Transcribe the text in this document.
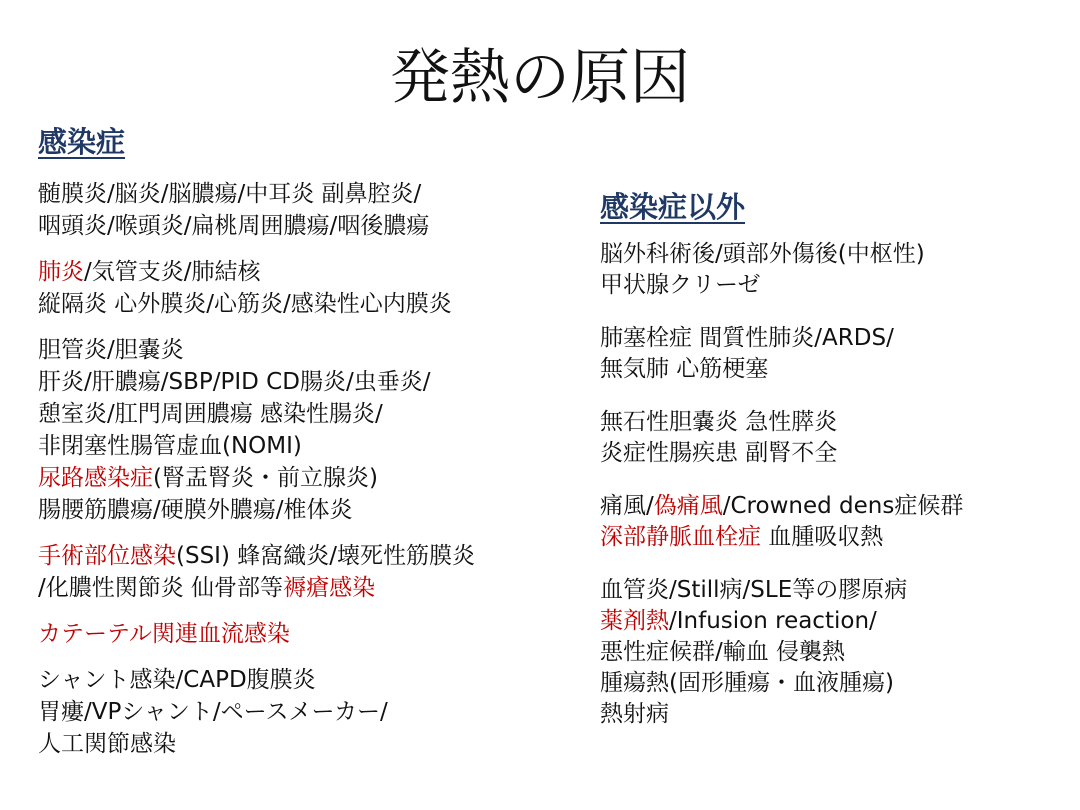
発熱の原因
感染症
髄膜炎/脳炎/脳膿瘍/中耳炎 副鼻腔炎/
咽頭炎/喉頭炎/扁桃周囲膿瘍/咽後膿瘍
肺炎/気管支炎/肺結核
縦隔炎 心外膜炎/心筋炎/感染性心内膜炎
胆管炎/胆嚢炎
肝炎/肝膿瘍/SBP/PID CD腸炎/虫垂炎/
憩室炎/肛門周囲膿瘍 感染性腸炎/
非閉塞性腸管虚血(NOMI)
尿路感染症(腎盂腎炎・前立腺炎)
腸腰筋膿瘍/硬膜外膿瘍/椎体炎
手術部位感染(SSI) 蜂窩織炎/壊死性筋膜炎
/化膿性関節炎 仙骨部等褥瘡感染
カテーテル関連血流感染
シャント感染/CAPD腹膜炎
胃瘻/VPシャント/ペースメーカー/
人工関節感染
感染症以外
脳外科術後/頭部外傷後(中枢性)
甲状腺クリーゼ
肺塞栓症 間質性肺炎/ARDS/
無気肺 心筋梗塞
無石性胆嚢炎 急性膵炎
炎症性腸疾患 副腎不全
痛風/偽痛風/Crowned dens症候群
深部静脈血栓症 血腫吸収熱
血管炎/Still病/SLE等の膠原病
薬剤熱/Infusion reaction/
悪性症候群/輸血 侵襲熱
腫瘍熱(固形腫瘍・血液腫瘍)
熱射病
